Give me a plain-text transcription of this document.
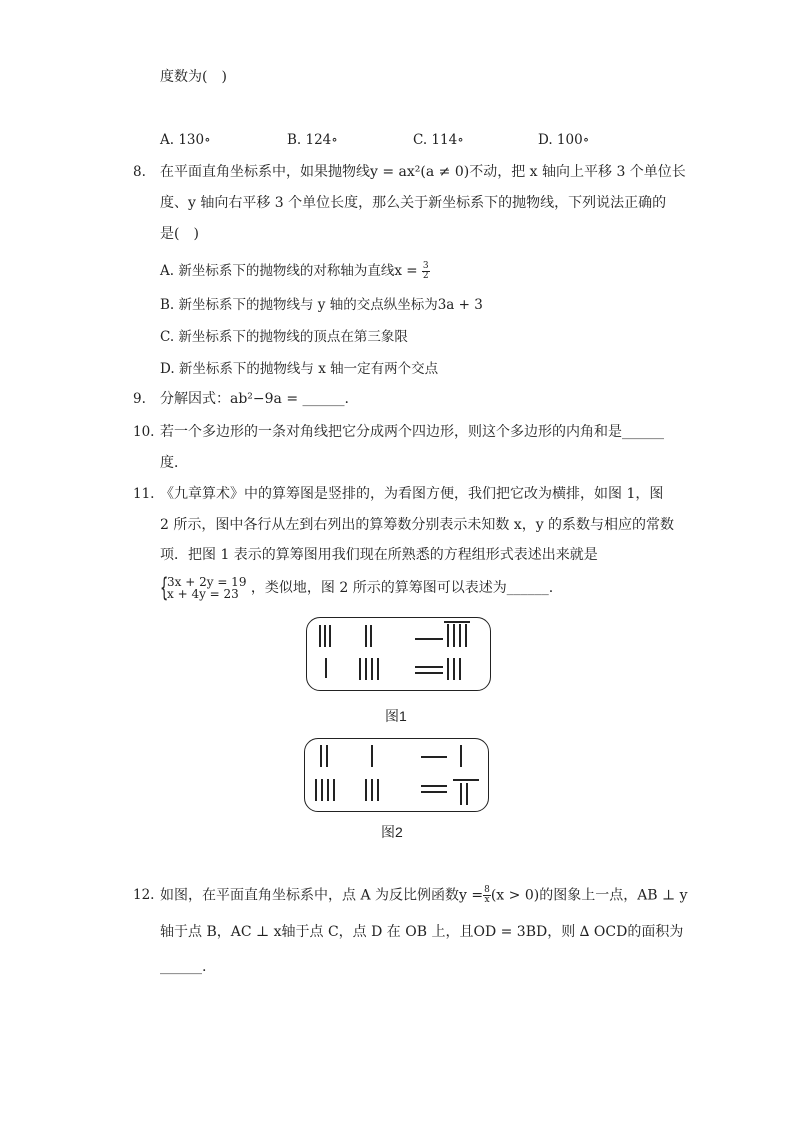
度数为(　)
A. 130∘	B. 124∘	C. 114∘	D. 100∘
8. 在平面直角坐标系中，如果抛物线y = ax²(a ≠ 0)不动，把 x 轴向上平移 3 个单位长
度、y 轴向右平移 3 个单位长度，那么关于新坐标系下的抛物线，下列说法正确的
是(　)
A. 新坐标系下的抛物线的对称轴为直线$x = \frac{3}{2}$
B. 新坐标系下的抛物线与 y 轴的交点纵坐标为3a + 3
C. 新坐标系下的抛物线的顶点在第三象限
D. 新坐标系下的抛物线与 x 轴一定有两个交点
9. 分解因式：ab²−9a = ______.
10. 若一个多边形的一条对角线把它分成两个四边形，则这个多边形的内角和是______
度．
11. 《九章算术》中的算筹图是竖排的，为看图方便，我们把它改为横排，如图 1，图
2 所示，图中各行从左到右列出的算筹数分别表示未知数 x，y 的系数与相应的常数
项．把图 1 表示的算筹图用我们现在所熟悉的方程组形式表述出来就是
{
3x + 2y = 19
x + 4y = 23 ，类似地，图 2 所示的算筹图可以表述为______.
图1
图2
12. 如图，在平面直角坐标系中，点 A 为反比例函数$y = \frac{8}{x} (x > 0)$的图象上一点，AB ⊥ y
轴于点 B，AC ⊥ x轴于点 C，点 D 在 OB 上，且OD = 3BD，则 ∆ OCD的面积为
______.
